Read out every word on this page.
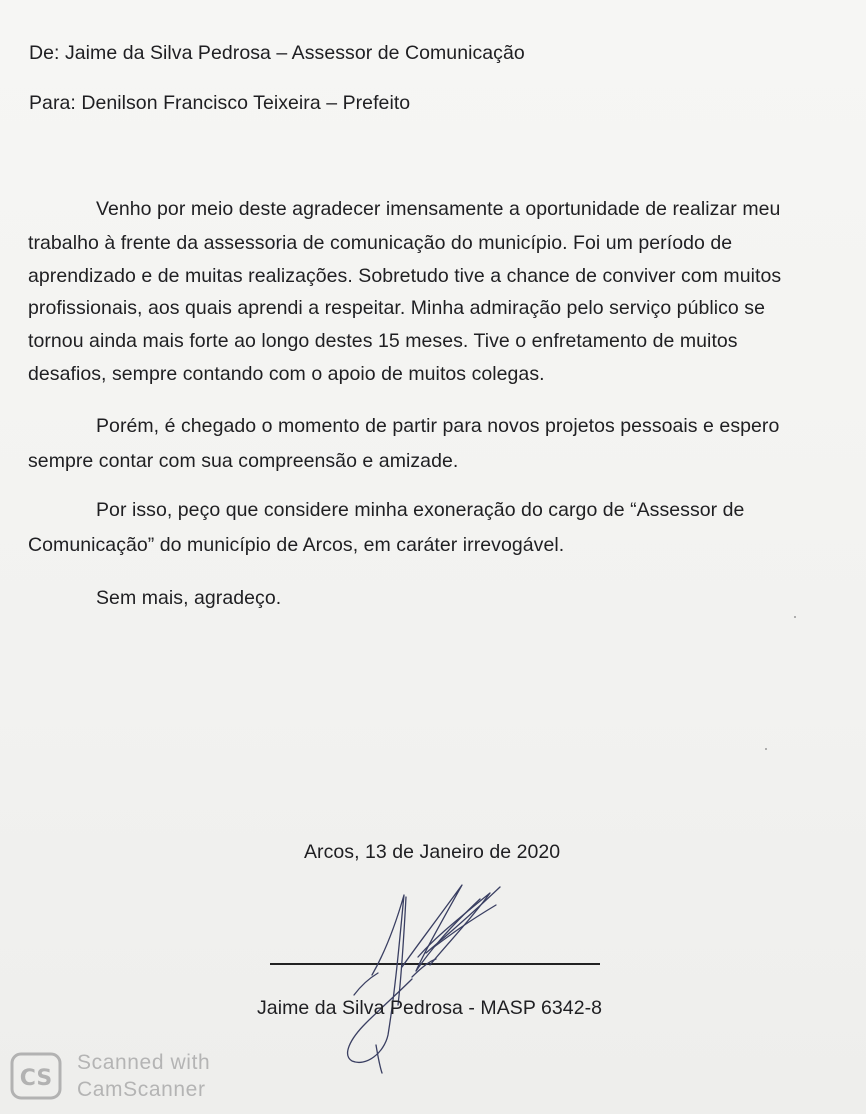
De: Jaime da Silva Pedrosa – Assessor de Comunicação
Para: Denilson Francisco Teixeira – Prefeito
Venho por meio deste agradecer imensamente a oportunidade de realizar meu
trabalho à frente da assessoria de comunicação do município. Foi um período de
aprendizado e de muitas realizações. Sobretudo tive a chance de conviver com muitos
profissionais, aos quais aprendi a respeitar. Minha admiração pelo serviço público se
tornou ainda mais forte ao longo destes 15 meses. Tive o enfretamento de muitos
desafios, sempre contando com o apoio de muitos colegas.
Porém, é chegado o momento de partir para novos projetos pessoais e espero
sempre contar com sua compreensão e amizade.
Por isso, peço que considere minha exoneração do cargo de “Assessor de
Comunicação” do município de Arcos, em caráter irrevogável.
Sem mais, agradeço.
Arcos, 13 de Janeiro de 2020
Jaime da Silva Pedrosa - MASP 6342-8
CS
Scanned with
CamScanner
